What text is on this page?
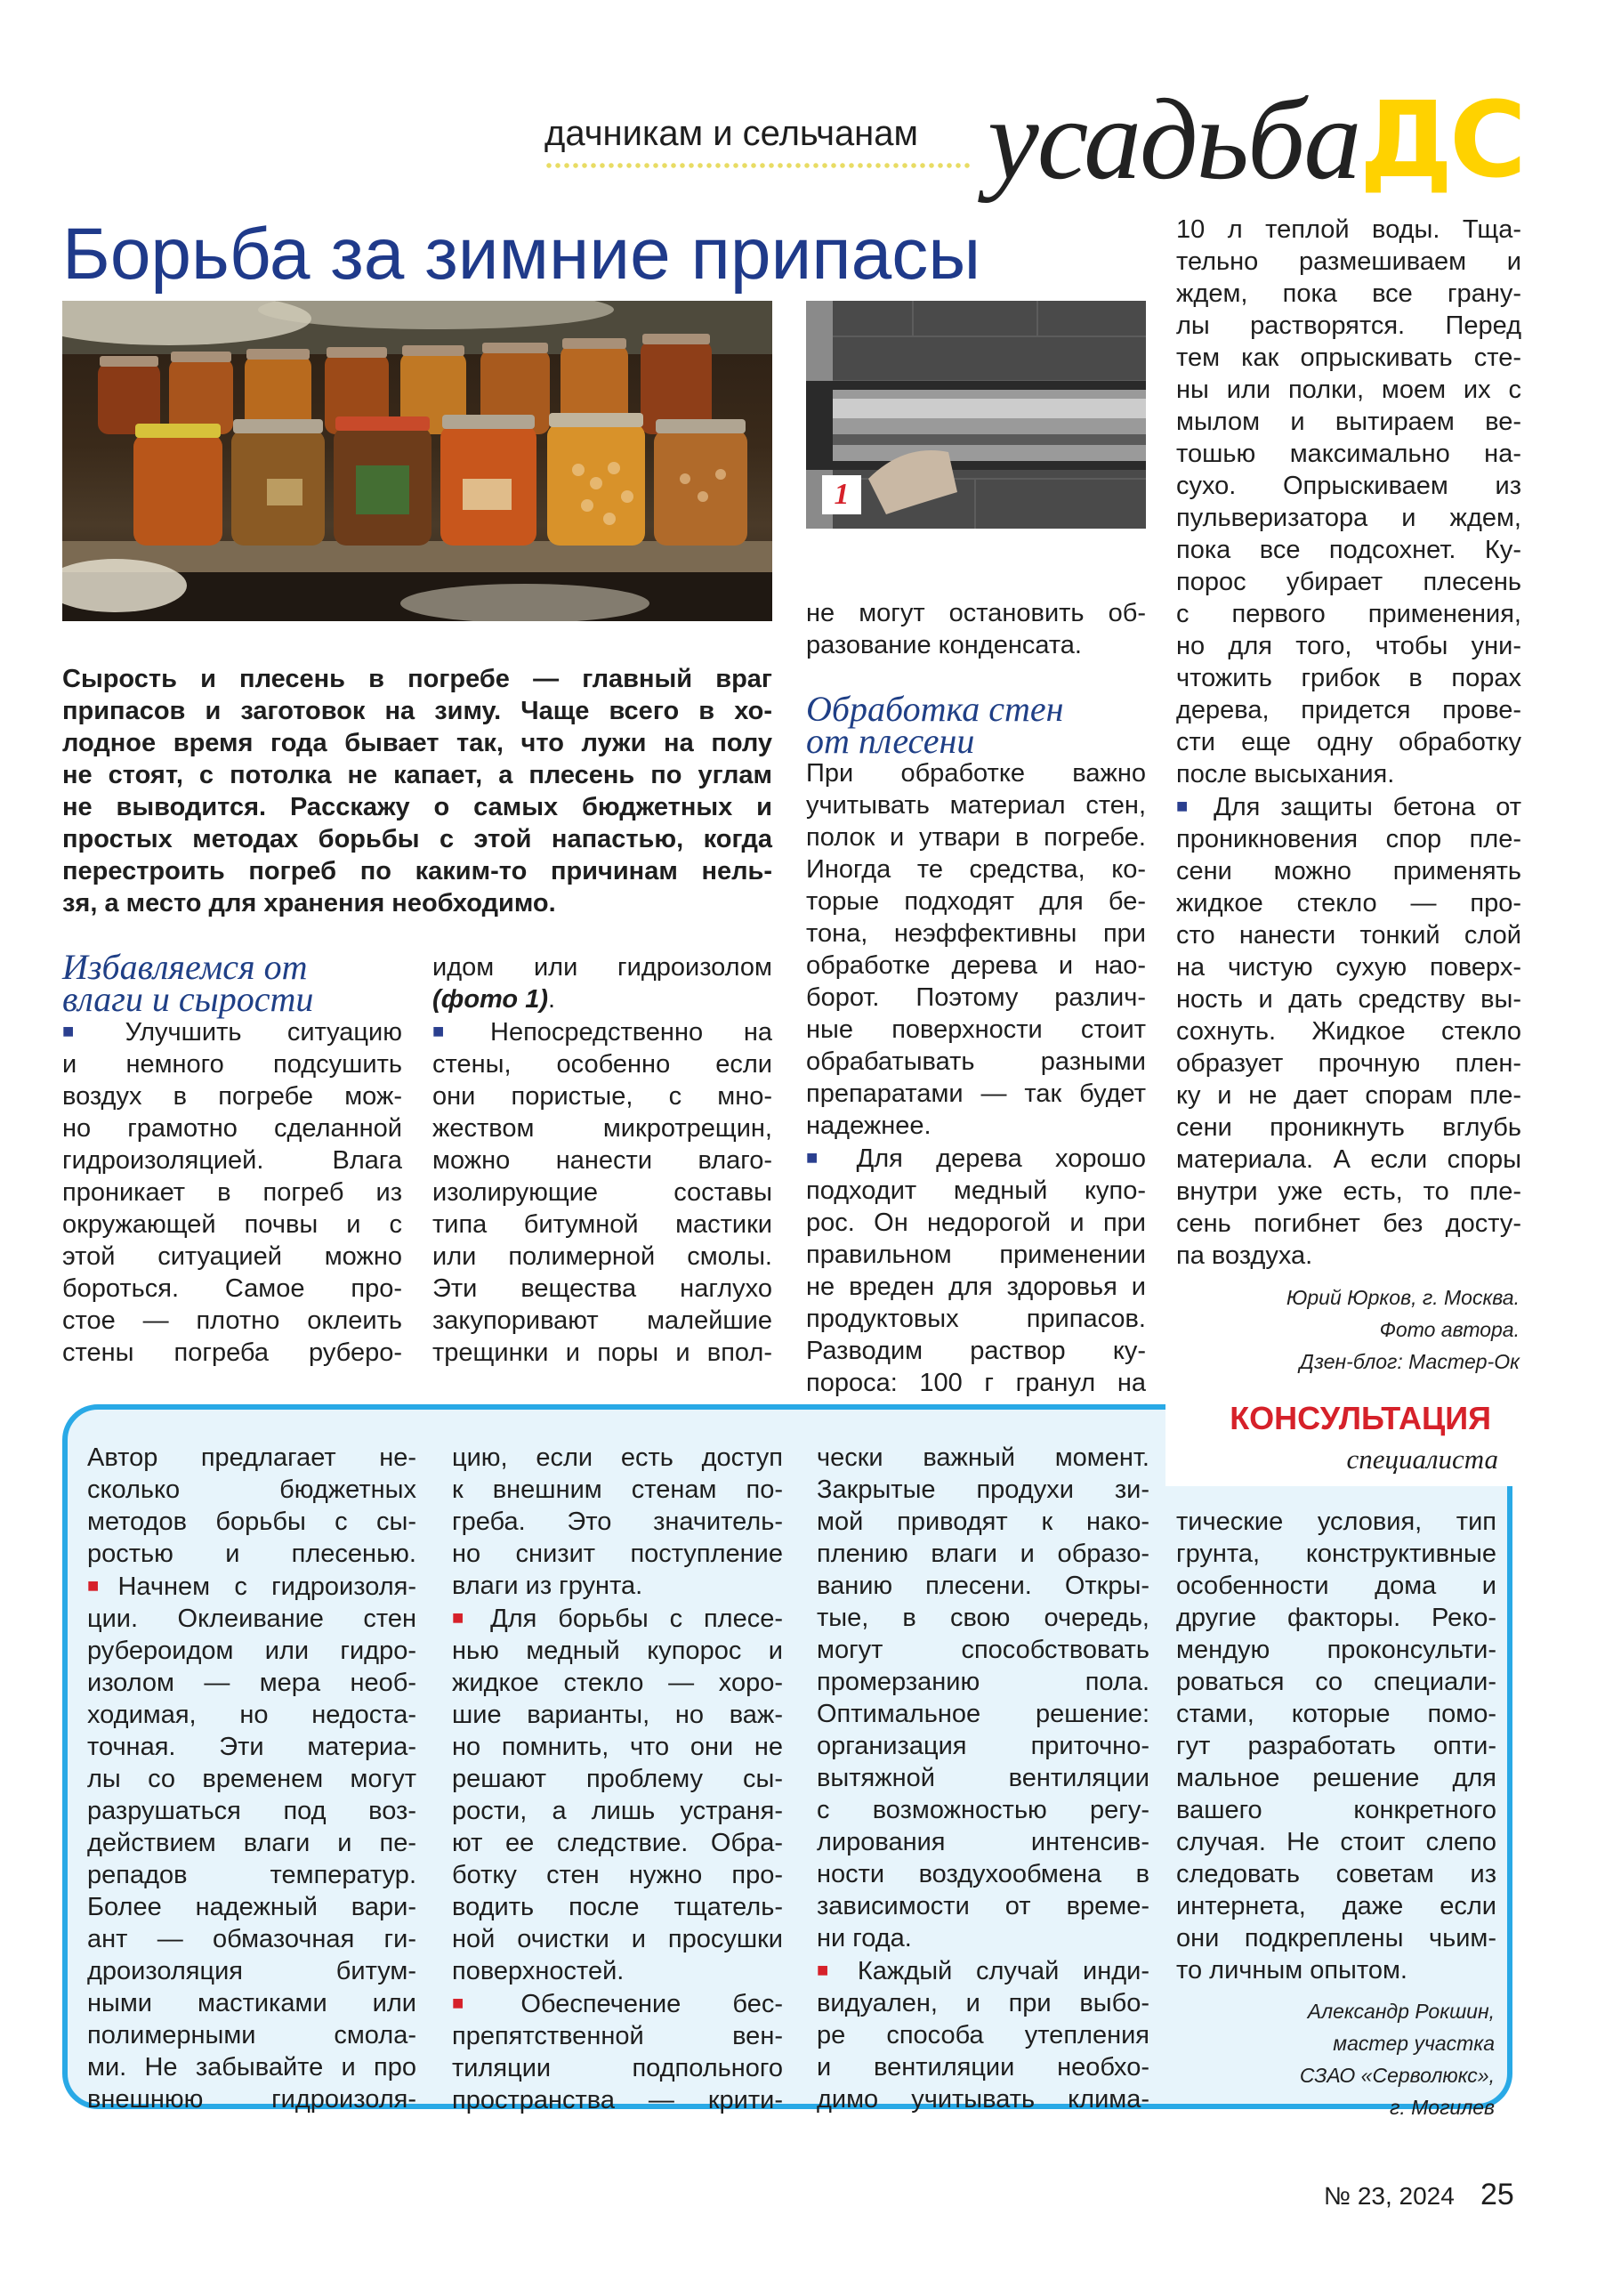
дачникам и сельчанам усадьба ДС
Борьба за зимние припасы
1
Сырость и плесень в погребе — главный враг
припасов и заготовок на зиму. Чаще всего в хо-
лодное время года бывает так, что лужи на полу
не стоят, с потолка не капает, а плесень по углам
не выводится. Расскажу о самых бюджетных и
простых методах борьбы с этой напастью, когда
перестроить погреб по каким-то причинам нель-
зя, а место для хранения необходимо.
Избавляемся от
влаги и сырости
■ Улучшить ситуацию
и немного подсушить
воздух в погребе мож-
но грамотно сделанной
гидроизоляцией. Влага
проникает в погреб из
окружающей почвы и с
этой ситуацией можно
бороться. Самое про-
стое — плотно оклеить
стены погреба руберо-
идом или гидроизолом
(фото 1).
■ Непосредственно на
стены, особенно если
они пористые, с мно-
жеством микротрещин,
можно нанести влаго-
изолирующие составы
типа битумной мастики
или полимерной смолы.
Эти вещества наглухо
закупоривают малейшие
трещинки и поры и впол-
не могут остановить об-
разование конденсата.
Обработка стен
от плесени
При обработке важно
учитывать материал стен,
полок и утвари в погребе.
Иногда те средства, ко-
торые подходят для бе-
тона, неэффективны при
обработке дерева и нао-
борот. Поэтому различ-
ные поверхности стоит
обрабатывать разными
препаратами — так будет
надежнее.
■ Для дерева хорошо
подходит медный купо-
рос. Он недорогой и при
правильном применении
не вреден для здоровья и
продуктовых припасов.
Разводим раствор ку-
пороса: 100 г гранул на
10 л теплой воды. Тща-
тельно размешиваем и
ждем, пока все грану-
лы растворятся. Перед
тем как опрыскивать сте-
ны или полки, моем их с
мылом и вытираем ве-
тошью максимально на-
сухо. Опрыскиваем из
пульверизатора и ждем,
пока все подсохнет. Ку-
порос убирает плесень
с первого применения,
но для того, чтобы уни-
чтожить грибок в порах
дерева, придется прове-
сти еще одну обработку
после высыхания.
■ Для защиты бетона от
проникновения спор пле-
сени можно применять
жидкое стекло — про-
сто нанести тонкий слой
на чистую сухую поверх-
ность и дать средству вы-
сохнуть. Жидкое стекло
образует прочную плен-
ку и не дает спорам пле-
сени проникнуть вглубь
материала. А если споры
внутри уже есть, то пле-
сень погибнет без досту-
па воздуха.
Юрий Юрков, г. Москва.
Фото автора.
Дзен-блог: Мастер-Ок
КОНСУЛЬТАЦИЯ
специалиста
Автор предлагает не-
сколько бюджетных
методов борьбы с сы-
ростью и плесенью.
■Начнем с гидроизоля-
ции. Оклеивание стен
рубероидом или гидро-
изолом — мера необ-
ходимая, но недоста-
точная. Эти материа-
лы со временем могут
разрушаться под воз-
действием влаги и пе-
репадов температур.
Более надежный вари-
ант — обмазочная ги-
дроизоляция битум-
ными мастиками или
полимерными смола-
ми. Не забывайте и про
внешнюю гидроизоля-
цию, если есть доступ
к внешним стенам по-
греба. Это значитель-
но снизит поступление
влаги из грунта.
■ Для борьбы с плесе-
нью медный купорос и
жидкое стекло — хоро-
шие варианты, но важ-
но помнить, что они не
решают проблему сы-
рости, а лишь устраня-
ют ее следствие. Обра-
ботку стен нужно про-
водить после тщатель-
ной очистки и просушки
поверхностей.
■ Обеспечение бес-
препятственной вен-
тиляции подпольного
пространства — крити-
чески важный момент.
Закрытые продухи зи-
мой приводят к нако-
плению влаги и образо-
ванию плесени. Откры-
тые, в свою очередь,
могут способствовать
промерзанию пола.
Оптимальное решение:
организация приточно-
вытяжной вентиляции
с возможностью регу-
лирования интенсив-
ности воздухообмена в
зависимости от време-
ни года.
■ Каждый случай инди-
видуален, и при выбо-
ре способа утепления
и вентиляции необхо-
димо учитывать клима-
тические условия, тип
грунта, конструктивные
особенности дома и
другие факторы. Реко-
мендую проконсульти-
роваться со специали-
стами, которые помо-
гут разработать опти-
мальное решение для
вашего конкретного
случая. Не стоит слепо
следовать советам из
интернета, даже если
они подкреплены чьим-
то личным опытом.
Александр Рокшин,
мастер участка
СЗАО «Серволюкс»,
г. Могилев
№ 23, 2024 25
